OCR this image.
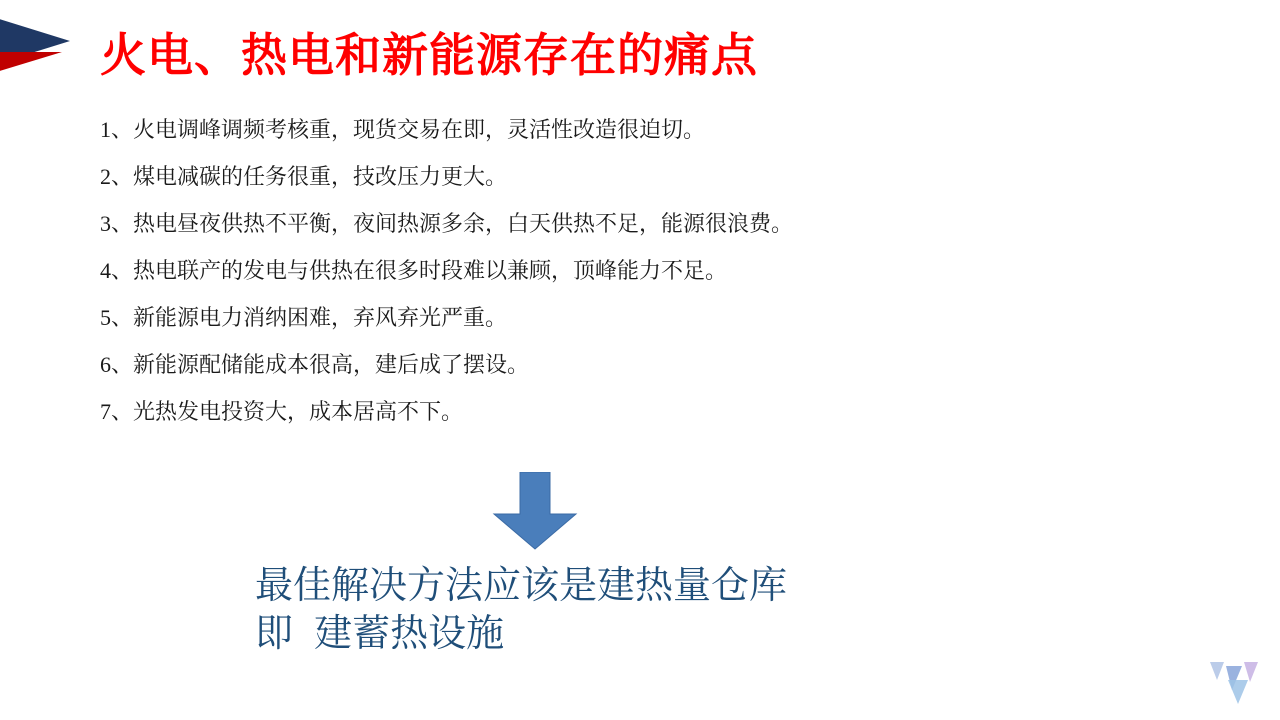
火电、热电和新能源存在的痛点
1、火电调峰调频考核重，现货交易在即，灵活性改造很迫切。
2、煤电减碳的任务很重，技改压力更大。
3、热电昼夜供热不平衡，夜间热源多余，白天供热不足，能源很浪费。
4、热电联产的发电与供热在很多时段难以兼顾，顶峰能力不足。
5、新能源电力消纳困难，弃风弃光严重。
6、新能源配储能成本很高，建后成了摆设。
7、光热发电投资大，成本居高不下。
最佳解决方法应该是建热量仓库
即  建蓄热设施
